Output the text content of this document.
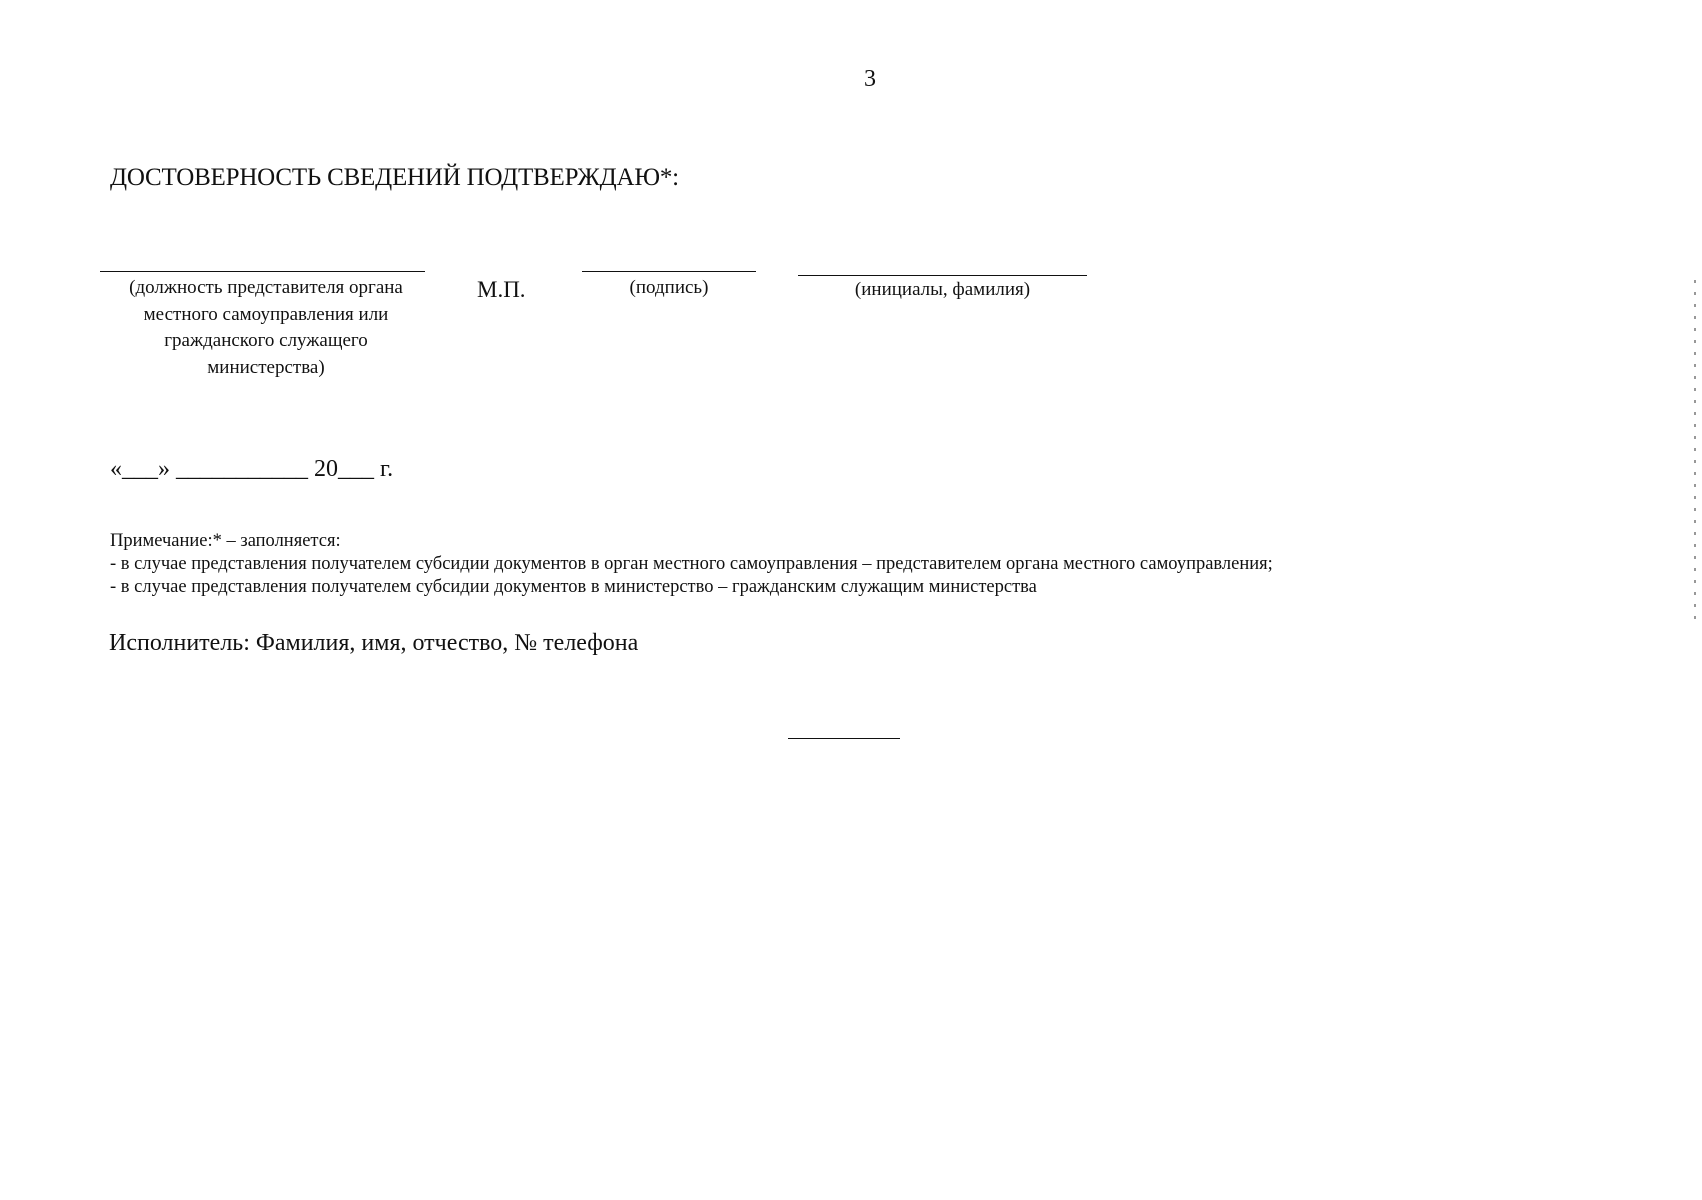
3
ДОСТОВЕРНОСТЬ СВЕДЕНИЙ ПОДТВЕРЖДАЮ*:
(должность представителя органа
местного самоуправления или
гражданского служащего
министерства)
М.П.	(подпись)	(инициалы, фамилия)
«___» ___________ 20___ г.
Примечание:* – заполняется:
- в случае представления получателем субсидии документов в орган местного самоуправления – представителем органа местного самоуправления;
- в случае представления получателем субсидии документов в министерство – гражданским служащим министерства
Исполнитель: Фамилия, имя, отчество, № телефона
